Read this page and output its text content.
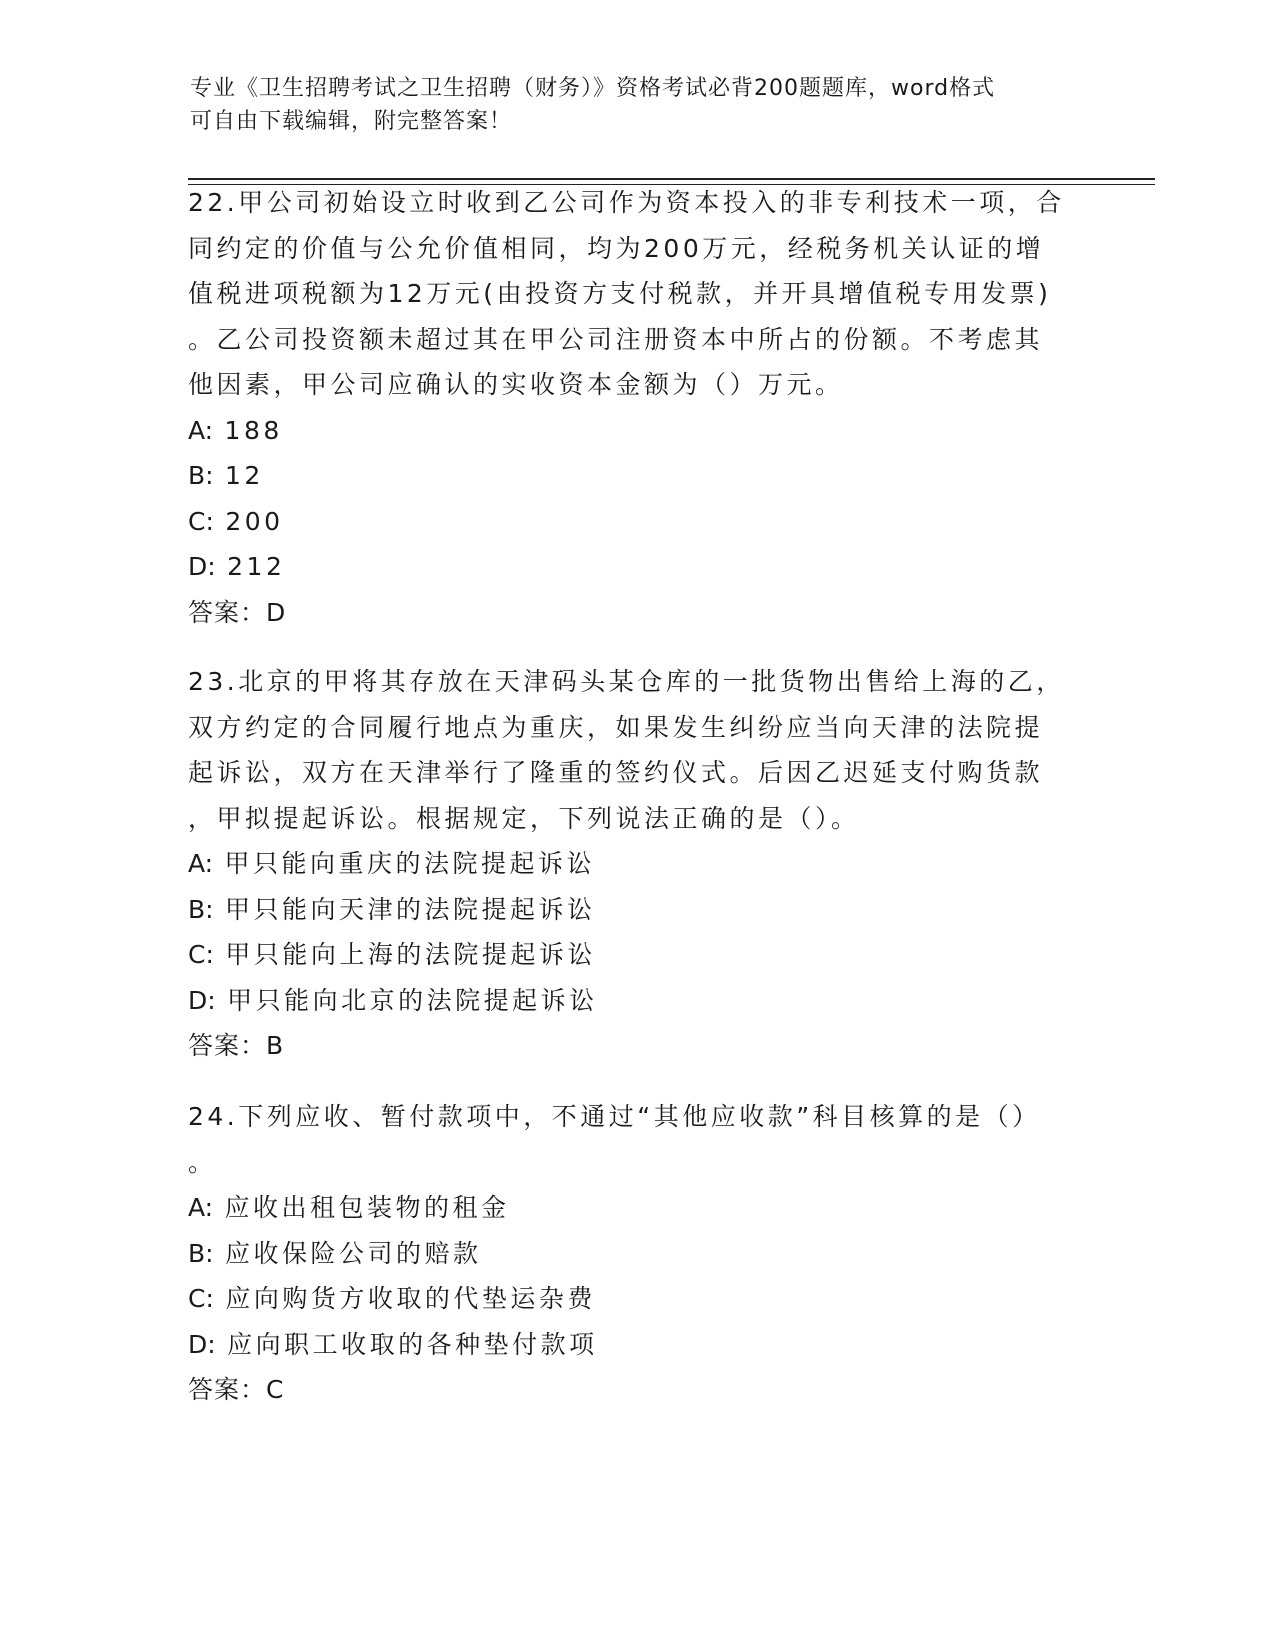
专业《卫生招聘考试之卫生招聘（财务）》资格考试必背200题题库，word格式
可自由下载编辑，附完整答案！
22.甲公司初始设立时收到乙公司作为资本投入的非专利技术一项，合
同约定的价值与公允价值相同，均为200万元，经税务机关认证的增
值税进项税额为12万元(由投资方支付税款，并开具增值税专用发票)
。乙公司投资额未超过其在甲公司注册资本中所占的份额。不考虑其
他因素，甲公司应确认的实收资本金额为（）万元。
A: 188
B: 12
C: 200
D: 212
答案：D
23.北京的甲将其存放在天津码头某仓库的一批货物出售给上海的乙，
双方约定的合同履行地点为重庆，如果发生纠纷应当向天津的法院提
起诉讼，双方在天津举行了隆重的签约仪式。后因乙迟延支付购货款
，甲拟提起诉讼。根据规定，下列说法正确的是（）。
A: 甲只能向重庆的法院提起诉讼
B: 甲只能向天津的法院提起诉讼
C: 甲只能向上海的法院提起诉讼
D: 甲只能向北京的法院提起诉讼
答案：B
24.下列应收、暂付款项中，不通过“其他应收款”科目核算的是（）
。
A: 应收出租包装物的租金
B: 应收保险公司的赔款
C: 应向购货方收取的代垫运杂费
D: 应向职工收取的各种垫付款项
答案：C
